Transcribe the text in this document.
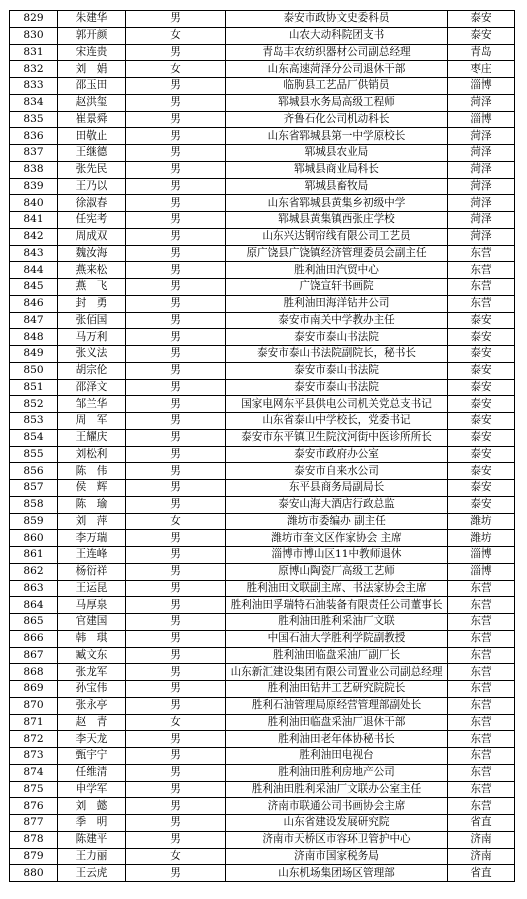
829	朱建华	男	泰安市政协文史委科员	泰安
830	郭开颜	女	山农大动科院团支书	泰安
831	宋连贵	男	青岛丰农纺织器材公司副总经理	青岛
832	刘　娟	女	山东高速菏泽分公司退休干部	枣庄
833	邵玉田	男	临朐县工艺品厂供销员	淄博
834	赵洪玺	男	郓城县水务局高级工程师	菏泽
835	崔景舜	男	齐鲁石化公司机动科长	淄博
836	田敬止	男	山东省郓城县第一中学原校长	菏泽
837	王继德	男	郓城县农业局	菏泽
838	张先民	男	郓城县商业局科长	菏泽
839	王乃以	男	郓城县畜牧局	菏泽
840	徐淑春	男	山东省郓城县黄集乡初级中学	菏泽
841	任宪考	男	郓城县黄集镇西张庄学校	菏泽
842	周成双	男	山东兴达钢帘线有限公司工艺员	菏泽
843	魏汝海	男	原广饶县广饶镇经济管理委员会副主任	东营
844	燕来松	男	胜利油田汽贸中心	东营
845	燕　飞	男	广饶宣轩书画院	东营
846	封　勇	男	胜利油田海洋钻井公司	东营
847	张佰国	男	泰安市南关中学教办主任	泰安
848	马万利	男	泰安市泰山书法院	泰安
849	张义法	男	泰安市泰山书法院副院长，秘书长	泰安
850	胡宗伦	男	泰安市泰山书法院	泰安
851	邵泽文	男	泰安市泰山书法院	泰安
852	邹兰华	男	国家电网东平县供电公司机关党总支书记	泰安
853	周　军	男	山东省泰山中学校长，党委书记	泰安
854	王耀庆	男	泰安市东平镇卫生院汶河街中医诊所所长	泰安
855	刘松利	男	泰安市政府办公室	泰安
856	陈　伟	男	泰安市自来水公司	泰安
857	侯　辉	男	东平县商务局副局长	泰安
858	陈　瑜	男	泰安山海大酒店行政总监	泰安
859	刘　萍	女	潍坊市委编办 副主任	潍坊
860	李万瑞	男	潍坊市奎文区作家协会 主席	潍坊
861	王连峰	男	淄博市博山区11中教师退休	淄博
862	杨衍祥	男	原博山陶瓷厂高级工艺师	淄博
863	王运昆	男	胜利油田文联副主席、书法家协会主席	东营
864	马厚泉	男	胜利油田孚瑞特石油装备有限责任公司董事长	东营
865	官建国	男	胜利油田胜利采油厂文联	东营
866	韩　琪	男	中国石油大学胜利学院副教授	东营
867	臧文东	男	胜利油田临盘采油厂副厂长	东营
868	张龙军	男	山东新汇建设集团有限公司置业公司副总经理	东营
869	孙宝伟	男	胜利油田钻井工艺研究院院长	东营
870	张永亭	男	胜利石油管理局原经营管理部副处长	东营
871	赵　青	女	胜利油田临盘采油厂退休干部	东营
872	李天龙	男	胜利油田老年体协秘书长	东营
873	甄宇宁	男	胜利油田电视台	东营
874	任维清	男	胜利油田胜利房地产公司	东营
875	申学军	男	胜利油田胜利采油厂文联办公室主任	东营
876	刘　懿	男	济南市联通公司书画协会主席	东营
877	季　明	男	山东省建设发展研究院	省直
878	陈建平	男	济南市天桥区市容环卫管护中心	济南
879	王力丽	女	济南市国家税务局	济南
880	王云虎	男	山东机场集团场区管理部	省直
